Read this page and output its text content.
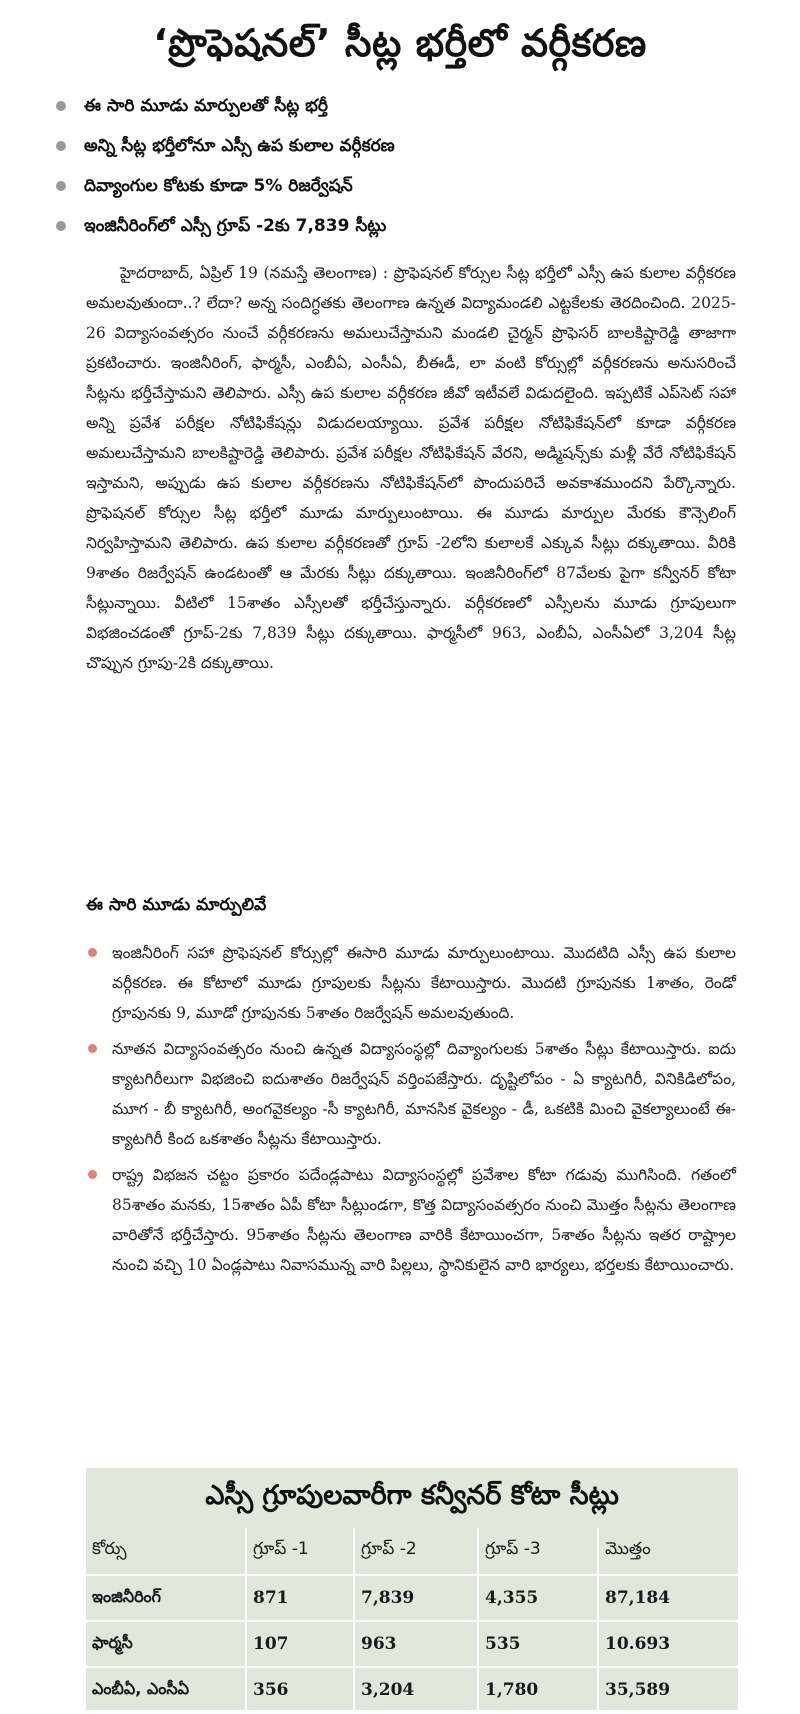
‘ప్రొఫెషనల్’ సీట్ల భర్తీలో వర్గీకరణ
ఈ సారి మూడు మార్పులతో సీట్ల భర్తీ
అన్ని సీట్ల భర్తీలోనూ ఎస్సీ ఉప కులాల వర్గీకరణ
దివ్యాంగుల కోటకు కూడా 5% రిజర్వేషన్
ఇంజినీరింగ్‌లో ఎస్సీ గ్రూప్‌ -2కు 7,839 సీట్లు

హైదరాబాద్, ఏప్రిల్ 19 (నమస్తే తెలంగాణ) : ప్రొఫెషనల్ కోర్సుల సీట్ల భర్తీలో ఎస్సీ ఉప కులాల వర్గీకరణ అమలవుతుందా..? లేదా? అన్న సందిగ్ధతకు తెలంగాణ ఉన్నత విద్యామండలి ఎట్టకేలకు తెరదించింది. 2025-26 విద్యాసంవత్సరం నుంచే వర్గీకరణను అమలుచేస్తామని మండలి చైర్మన్ ప్రొఫెసర్ బాలకిష్టారెడ్డి తాజాగా ప్రకటించారు. ఇంజినీరింగ్, ఫార్మసీ, ఎంబీఏ, ఎంసీఏ, బీఈడీ, లా వంటి కోర్సుల్లో వర్గీకరణను అనుసరించే సీట్లను భర్తీచేస్తామని తెలిపారు. ఎస్సీ ఉప కులాల వర్గీకరణ జీవో ఇటీవలే విడుదలైంది. ఇప్పటికే ఎప్‌సెట్ సహా అన్ని ప్రవేశ పరీక్షల నోటిఫికేషన్లు విడుదలయ్యాయి. ప్రవేశ పరీక్షల నోటిఫికేషన్‌లో కూడా వర్గీకరణ అమలుచేస్తామని బాలకిష్టారెడ్డి తెలిపారు. ప్రవేశ పరీక్షల నోటిఫికేషన్ వేరని, అడ్మిషన్స్‌కు మళ్లీ వేరే నోటిఫికేషన్ ఇస్తామని, అప్పుడు ఉప కులాల వర్గీకరణను నోటిఫికేషన్‌లో పొందుపరిచే అవకాశముందని పేర్కొన్నారు. ప్రొఫెషనల్ కోర్సుల సీట్ల భర్తీలో మూడు మార్పులుంటాయి. ఈ మూడు మార్పుల మేరకు కౌన్సెలింగ్ నిర్వహిస్తామని తెలిపారు. ఉప కులాల వర్గీకరణతో గ్రూప్ -2లోని కులాలకే ఎక్కువ సీట్లు దక్కుతాయి. వీరికి 9శాతం రిజర్వేషన్ ఉండటంతో ఆ మేరకు సీట్లు దక్కుతాయి. ఇంజినీరింగ్‌లో 87వేలకు పైగా కన్వీనర్ కోటా సీట్లున్నాయి. వీటిలో 15శాతం ఎస్సీలతో భర్తీచేస్తున్నారు. వర్గీకరణలో ఎస్సీలను మూడు గ్రూపులుగా విభజించడంతో గ్రూప్-2కు 7,839 సీట్లు దక్కుతాయి. ఫార్మసీలో 963, ఎంబీఏ, ఎంసీఏలో 3,204 సీట్ల చొప్పున గ్రూపు-2కి దక్కుతాయి.

ఈ సారి మూడు మార్పులివే
ఇంజినీరింగ్ సహా ప్రొఫెషనల్ కోర్సుల్లో ఈసారి మూడు మార్పులుంటాయి. మొదటిది ఎస్సీ ఉప కులాల వర్గీకరణ. ఈ కోటాలో మూడు గ్రూపులకు సీట్లను కేటాయిస్తారు. మొదటి గ్రూపునకు 1శాతం, రెండో గ్రూపునకు 9, మూడో గ్రూపునకు 5శాతం రిజర్వేషన్ అమలవుతుంది.
నూతన విద్యాసంవత్సరం నుంచి ఉన్నత విద్యాసంస్థల్లో దివ్యాంగులకు 5శాతం సీట్లు కేటాయిస్తారు. ఐదు క్యాటగిరీలుగా విభజించి ఐదుశాతం రిజర్వేషన్ వర్తింపజేస్తారు. దృష్టిలోపం - ఏ క్యాటగిరీ, వినికిడిలోపం, మూగ - బీ క్యాటగిరీ, అంగవైకల్యం -సీ క్యాటగిరీ, మానసిక వైకల్యం - డీ, ఒకటికి మించి వైకల్యాలుంటే ఈ-క్యాటగిరీ కింద ఒకశాతం సీట్లను కేటాయిస్తారు.
రాష్ట్ర విభజన చట్టం ప్రకారం పదేండ్లపాటు విద్యాసంస్థల్లో ప్రవేశాల కోటా గడువు ముగిసింది. గతంలో 85శాతం మనకు, 15శాతం ఏపీ కోటా సీట్లుండగా, కొత్త విద్యాసంవత్సరం నుంచి మొత్తం సీట్లను తెలంగాణ వారితోనే భర్తీచేస్తారు. 95శాతం సీట్లను తెలంగాణ వారికి కేటాయించగా, 5శాతం సీట్లను ఇతర రాష్ట్రాల నుంచి వచ్చి 10 ఏండ్లపాటు నివాసమున్న వారి పిల్లలు, స్థానికులైన వారి భార్యలు, భర్తలకు కేటాయించారు.
ఎస్సీ గ్రూపులవారీగా కన్వీనర్ కోటా సీట్లు
కోర్సు	గ్రూప్ -1	గ్రూప్ -2	గ్రూప్ -3	మొత్తం
ఇంజినీరింగ్	871	7,839	4,355	87,184
ఫార్మసీ	107	963	535	10.693
ఎంబీఏ, ఎంసీఏ	356	3,204	1,780	35,589
